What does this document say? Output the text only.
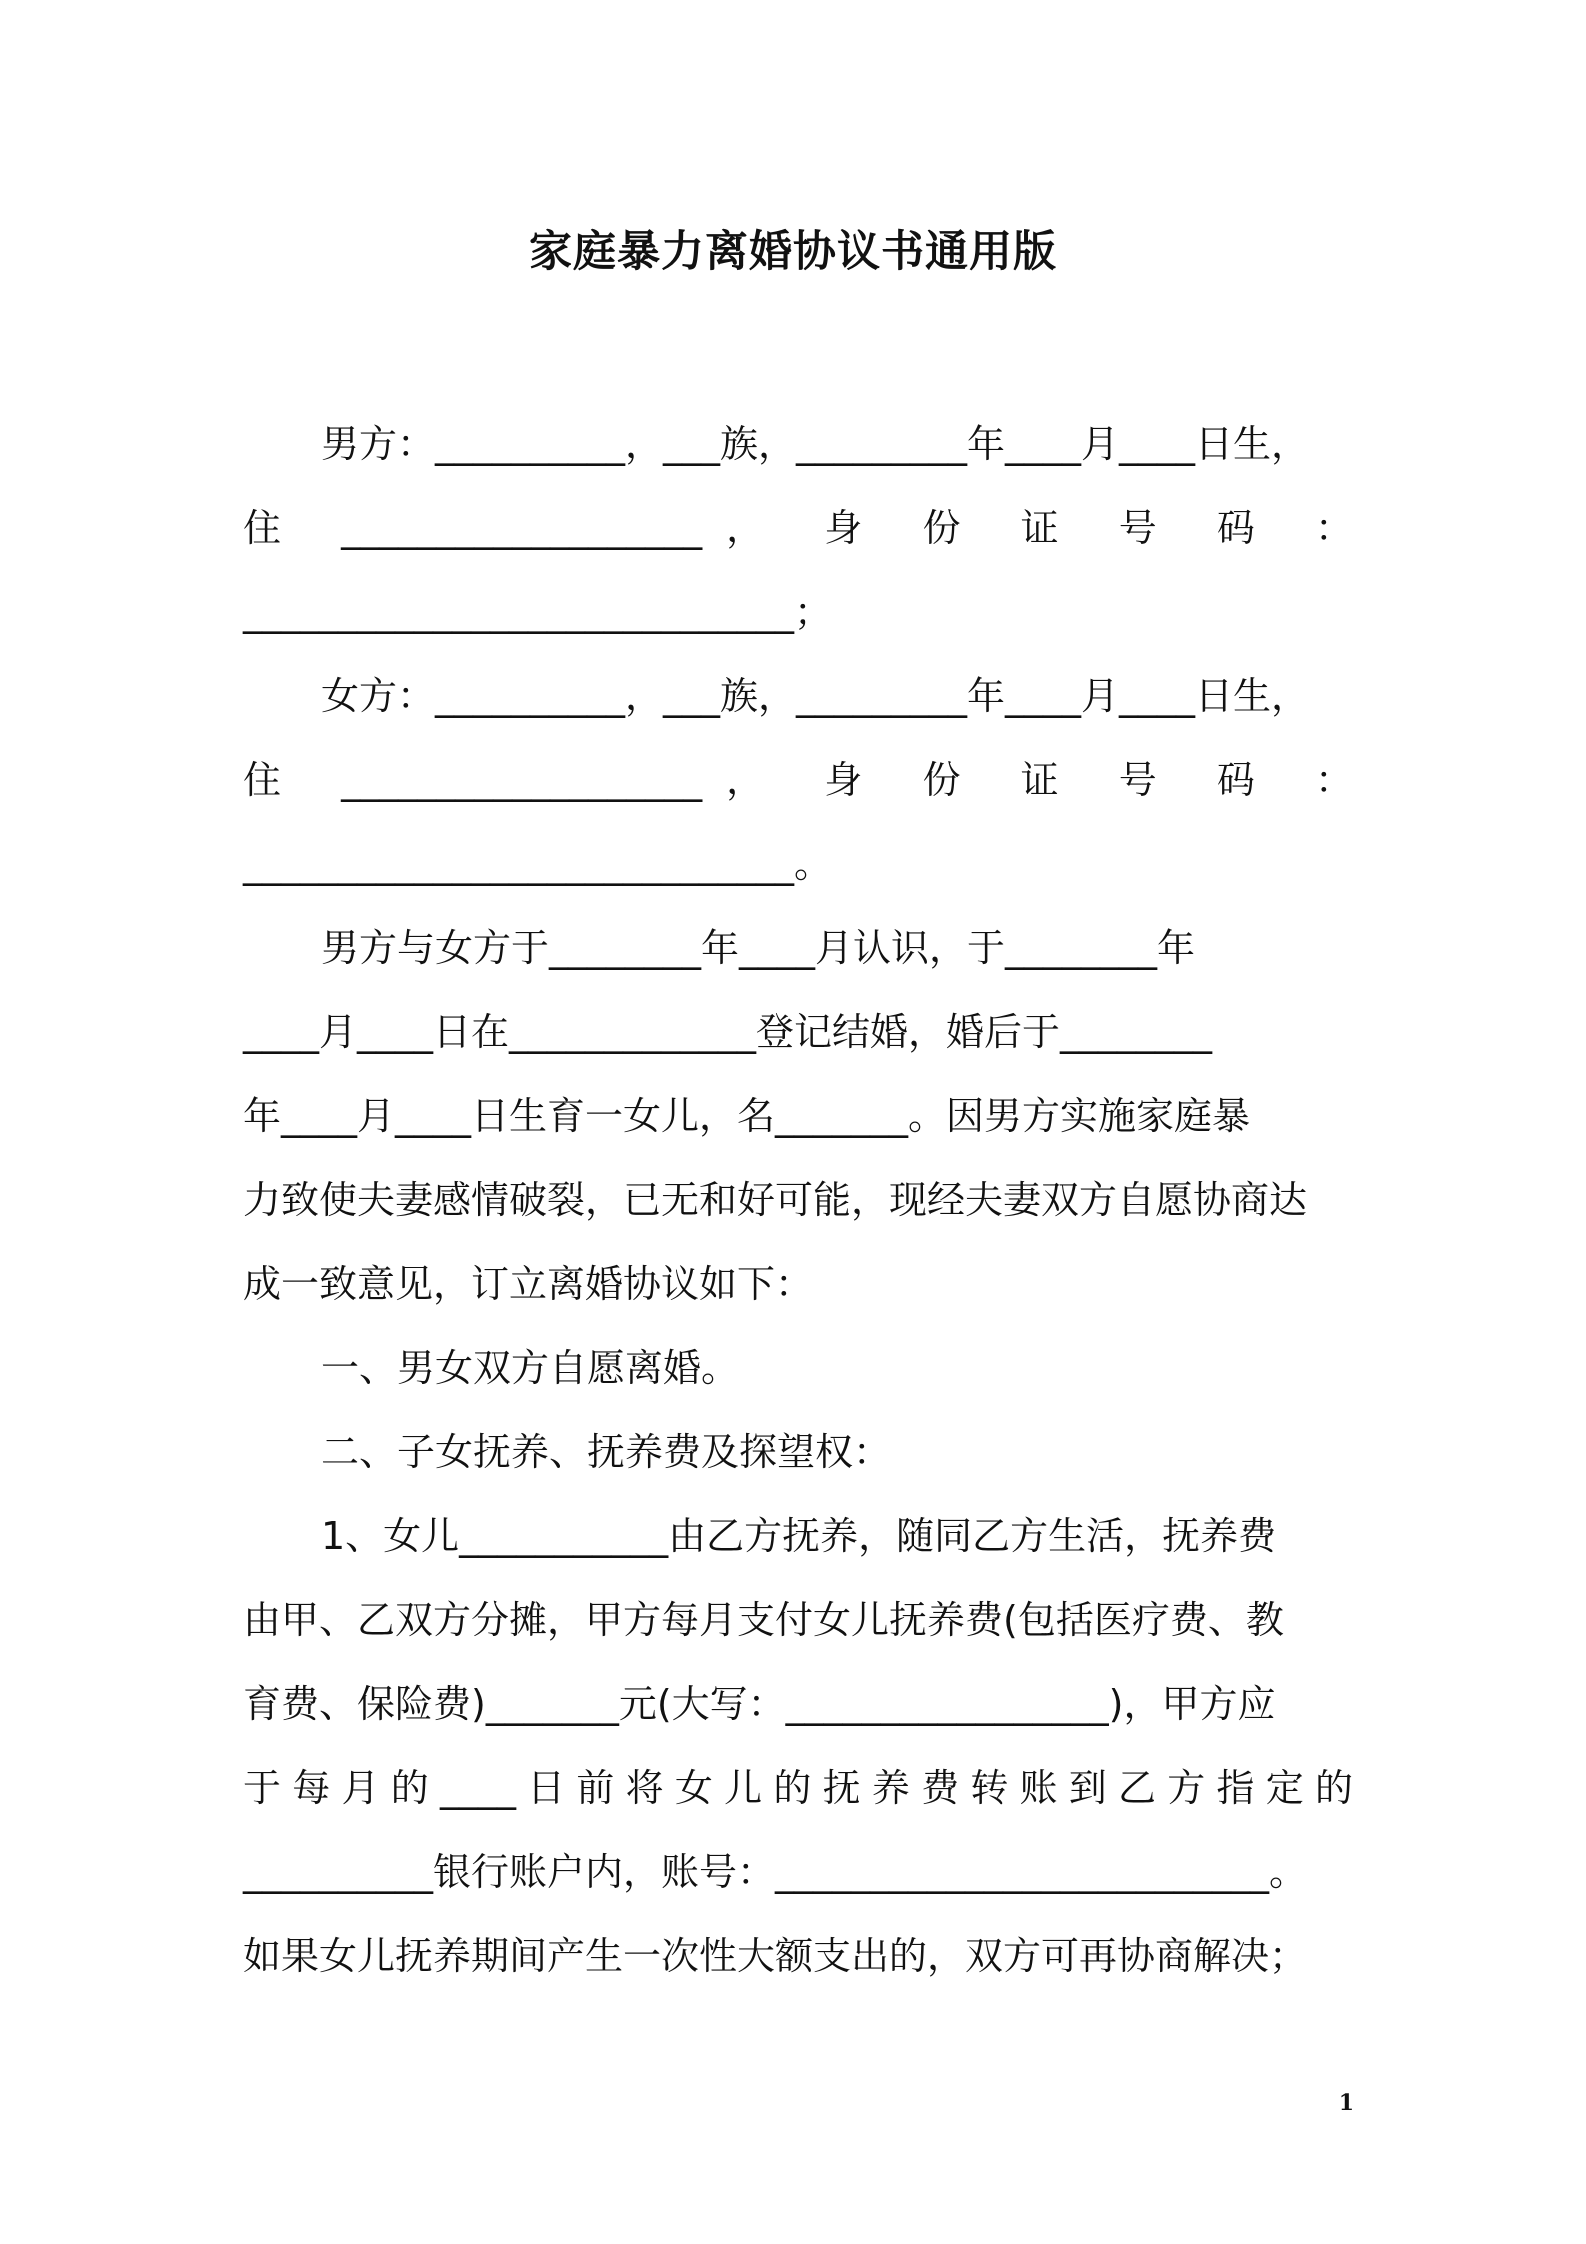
家庭暴力离婚协议书通用版
男方：__________，___族，_________年____月____日生，
住 ___________________， 身 份 证 号 码 ：
_____________________________；
女方：__________，___族，_________年____月____日生，
住 ___________________， 身 份 证 号 码 ：
_____________________________。
男方与女方于________年____月认识，于________年
____月____日在_____________登记结婚，婚后于________
年____月____日生育一女儿，名_______。因男方实施家庭暴
力致使夫妻感情破裂，已无和好可能，现经夫妻双方自愿协商达
成一致意见，订立离婚协议如下：
一、男女双方自愿离婚。
二、子女抚养、抚养费及探望权：
1、女儿___________由乙方抚养，随同乙方生活，抚养费
由甲、乙双方分摊，甲方每月支付女儿抚养费(包括医疗费、教
育费、保险费)_______元(大写：_________________)，甲方应
于每月的____日前将女儿的抚养费转账到乙方指定的
__________银行账户内，账号：__________________________。
如果女儿抚养期间产生一次性大额支出的，双方可再协商解决；
1
